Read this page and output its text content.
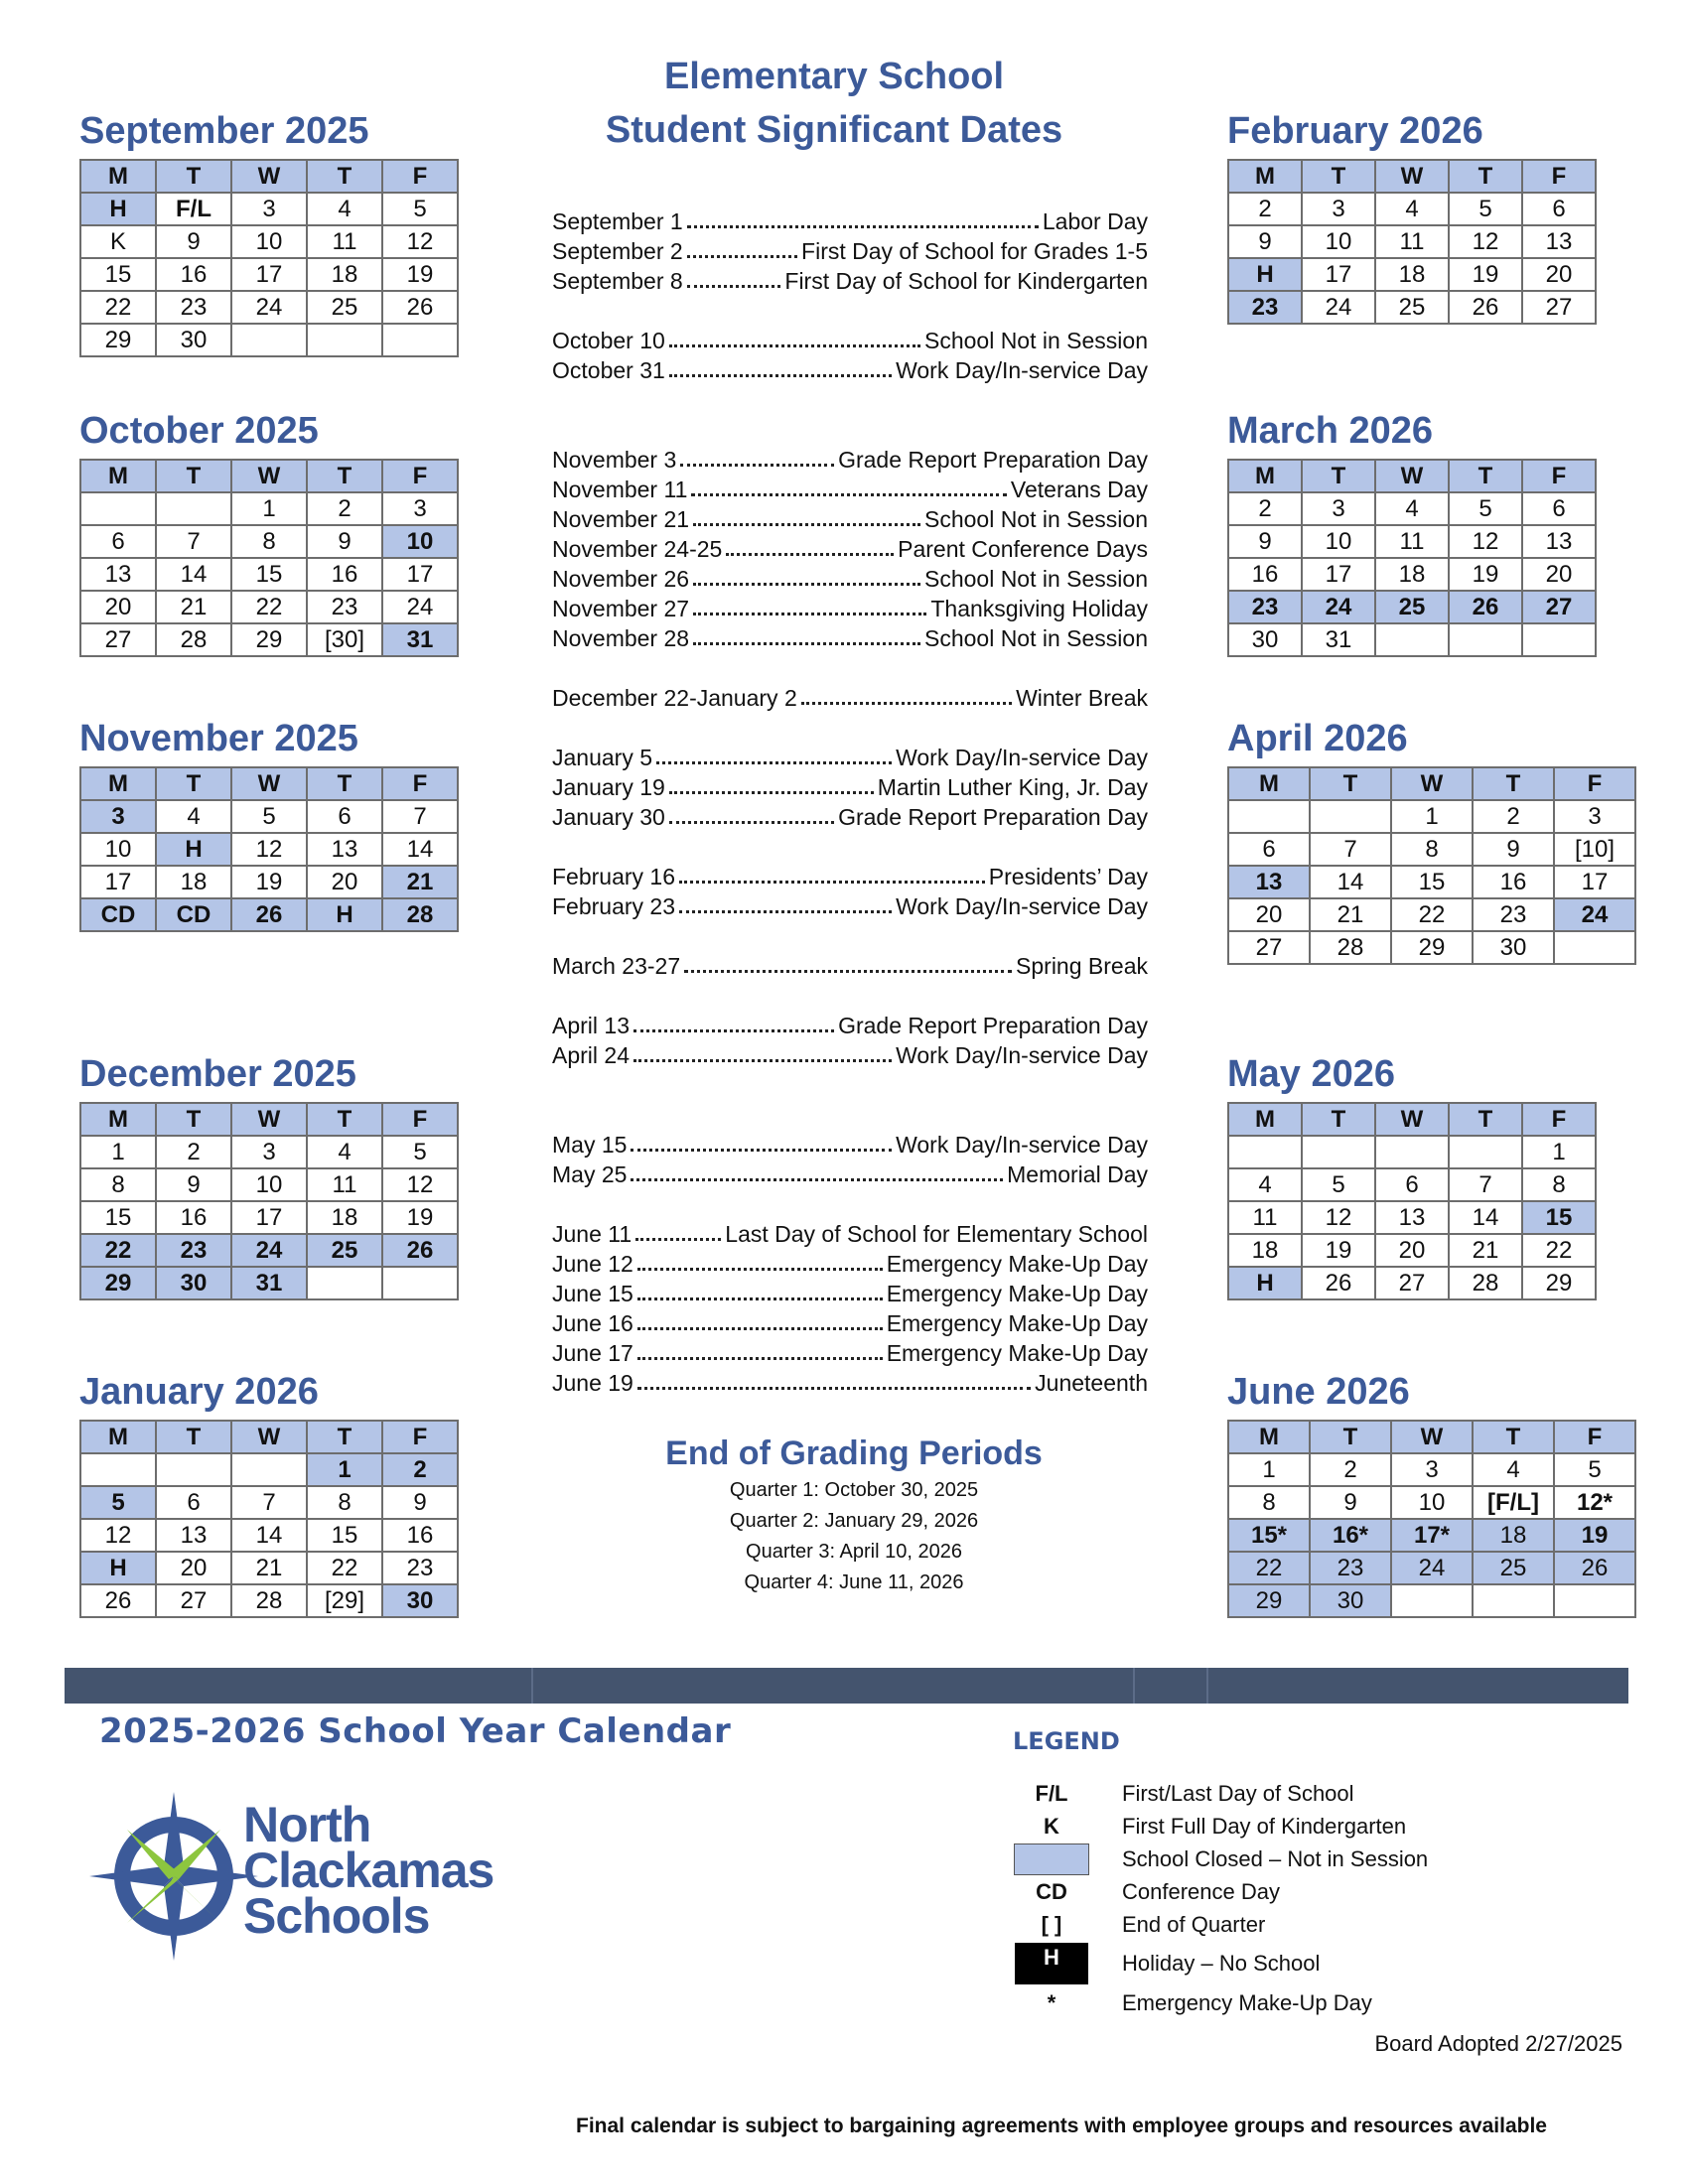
Elementary School
Student Significant Dates
September 2025
M	T	W	T	F
H	F/L	3	4	5
K	9	10	11	12
15	16	17	18	19
22	23	24	25	26
29	30			
October 2025
M	T	W	T	F
		1	2	3
6	7	8	9	10
13	14	15	16	17
20	21	22	23	24
27	28	29	[30]	31
November 2025
M	T	W	T	F
3	4	5	6	7
10	H	12	13	14
17	18	19	20	21
CD	CD	26	H	28
December 2025
M	T	W	T	F
1	2	3	4	5
8	9	10	11	12
15	16	17	18	19
22	23	24	25	26
29	30	31		
January 2026
M	T	W	T	F
			1	2
5	6	7	8	9
12	13	14	15	16
H	20	21	22	23
26	27	28	[29]	30
February 2026
M	T	W	T	F
2	3	4	5	6
9	10	11	12	13
H	17	18	19	20
23	24	25	26	27
March 2026
M	T	W	T	F
2	3	4	5	6
9	10	11	12	13
16	17	18	19	20
23	24	25	26	27
30	31			
April 2026
M	T	W	T	F
		1	2	3
6	7	8	9	[10]
13	14	15	16	17
20	21	22	23	24
27	28	29	30	
May 2026
M	T	W	T	F
				1
4	5	6	7	8
11	12	13	14	15
18	19	20	21	22
H	26	27	28	29
June 2026
M	T	W	T	F
1	2	3	4	5
8	9	10	[F/L]	12*
15*	16*	17*	18	19
22	23	24	25	26
29	30			
September 1	Labor Day
September 2	First Day of School for Grades 1-5
September 8	First Day of School for Kindergarten
October 10	School Not in Session
October 31	Work Day/In-service Day
November 3	Grade Report Preparation Day
November 11	Veterans Day
November 21	School Not in Session
November 24-25	Parent Conference Days
November 26	School Not in Session
November 27	Thanksgiving Holiday
November 28	School Not in Session
December 22-January 2	Winter Break
January 5	Work Day/In-service Day
January 19	Martin Luther King, Jr. Day
January 30	Grade Report Preparation Day
February 16	Presidents’ Day
February 23	Work Day/In-service Day
March 23-27	Spring Break
April 13	Grade Report Preparation Day
April 24	Work Day/In-service Day
May 15	Work Day/In-service Day
May 25	Memorial Day
June 11	Last Day of School for Elementary School
June 12	Emergency Make-Up Day
June 15	Emergency Make-Up Day
June 16	Emergency Make-Up Day
June 17	Emergency Make-Up Day
June 19	Juneteenth
End of Grading Periods
Quarter 1: October 30, 2025
Quarter 2: January 29, 2026
Quarter 3: April 10, 2026
Quarter 4: June 11, 2026
2025-2026 School Year Calendar
North
Clackamas
Schools
LEGEND
F/L	First/Last Day of School
K	First Full Day of Kindergarten
School Closed – Not in Session
CD	Conference Day
[ ]	End of Quarter
H	Holiday – No School
*	Emergency Make-Up Day
Board Adopted 2/27/2025
Final calendar is subject to bargaining agreements with employee groups and resources available
